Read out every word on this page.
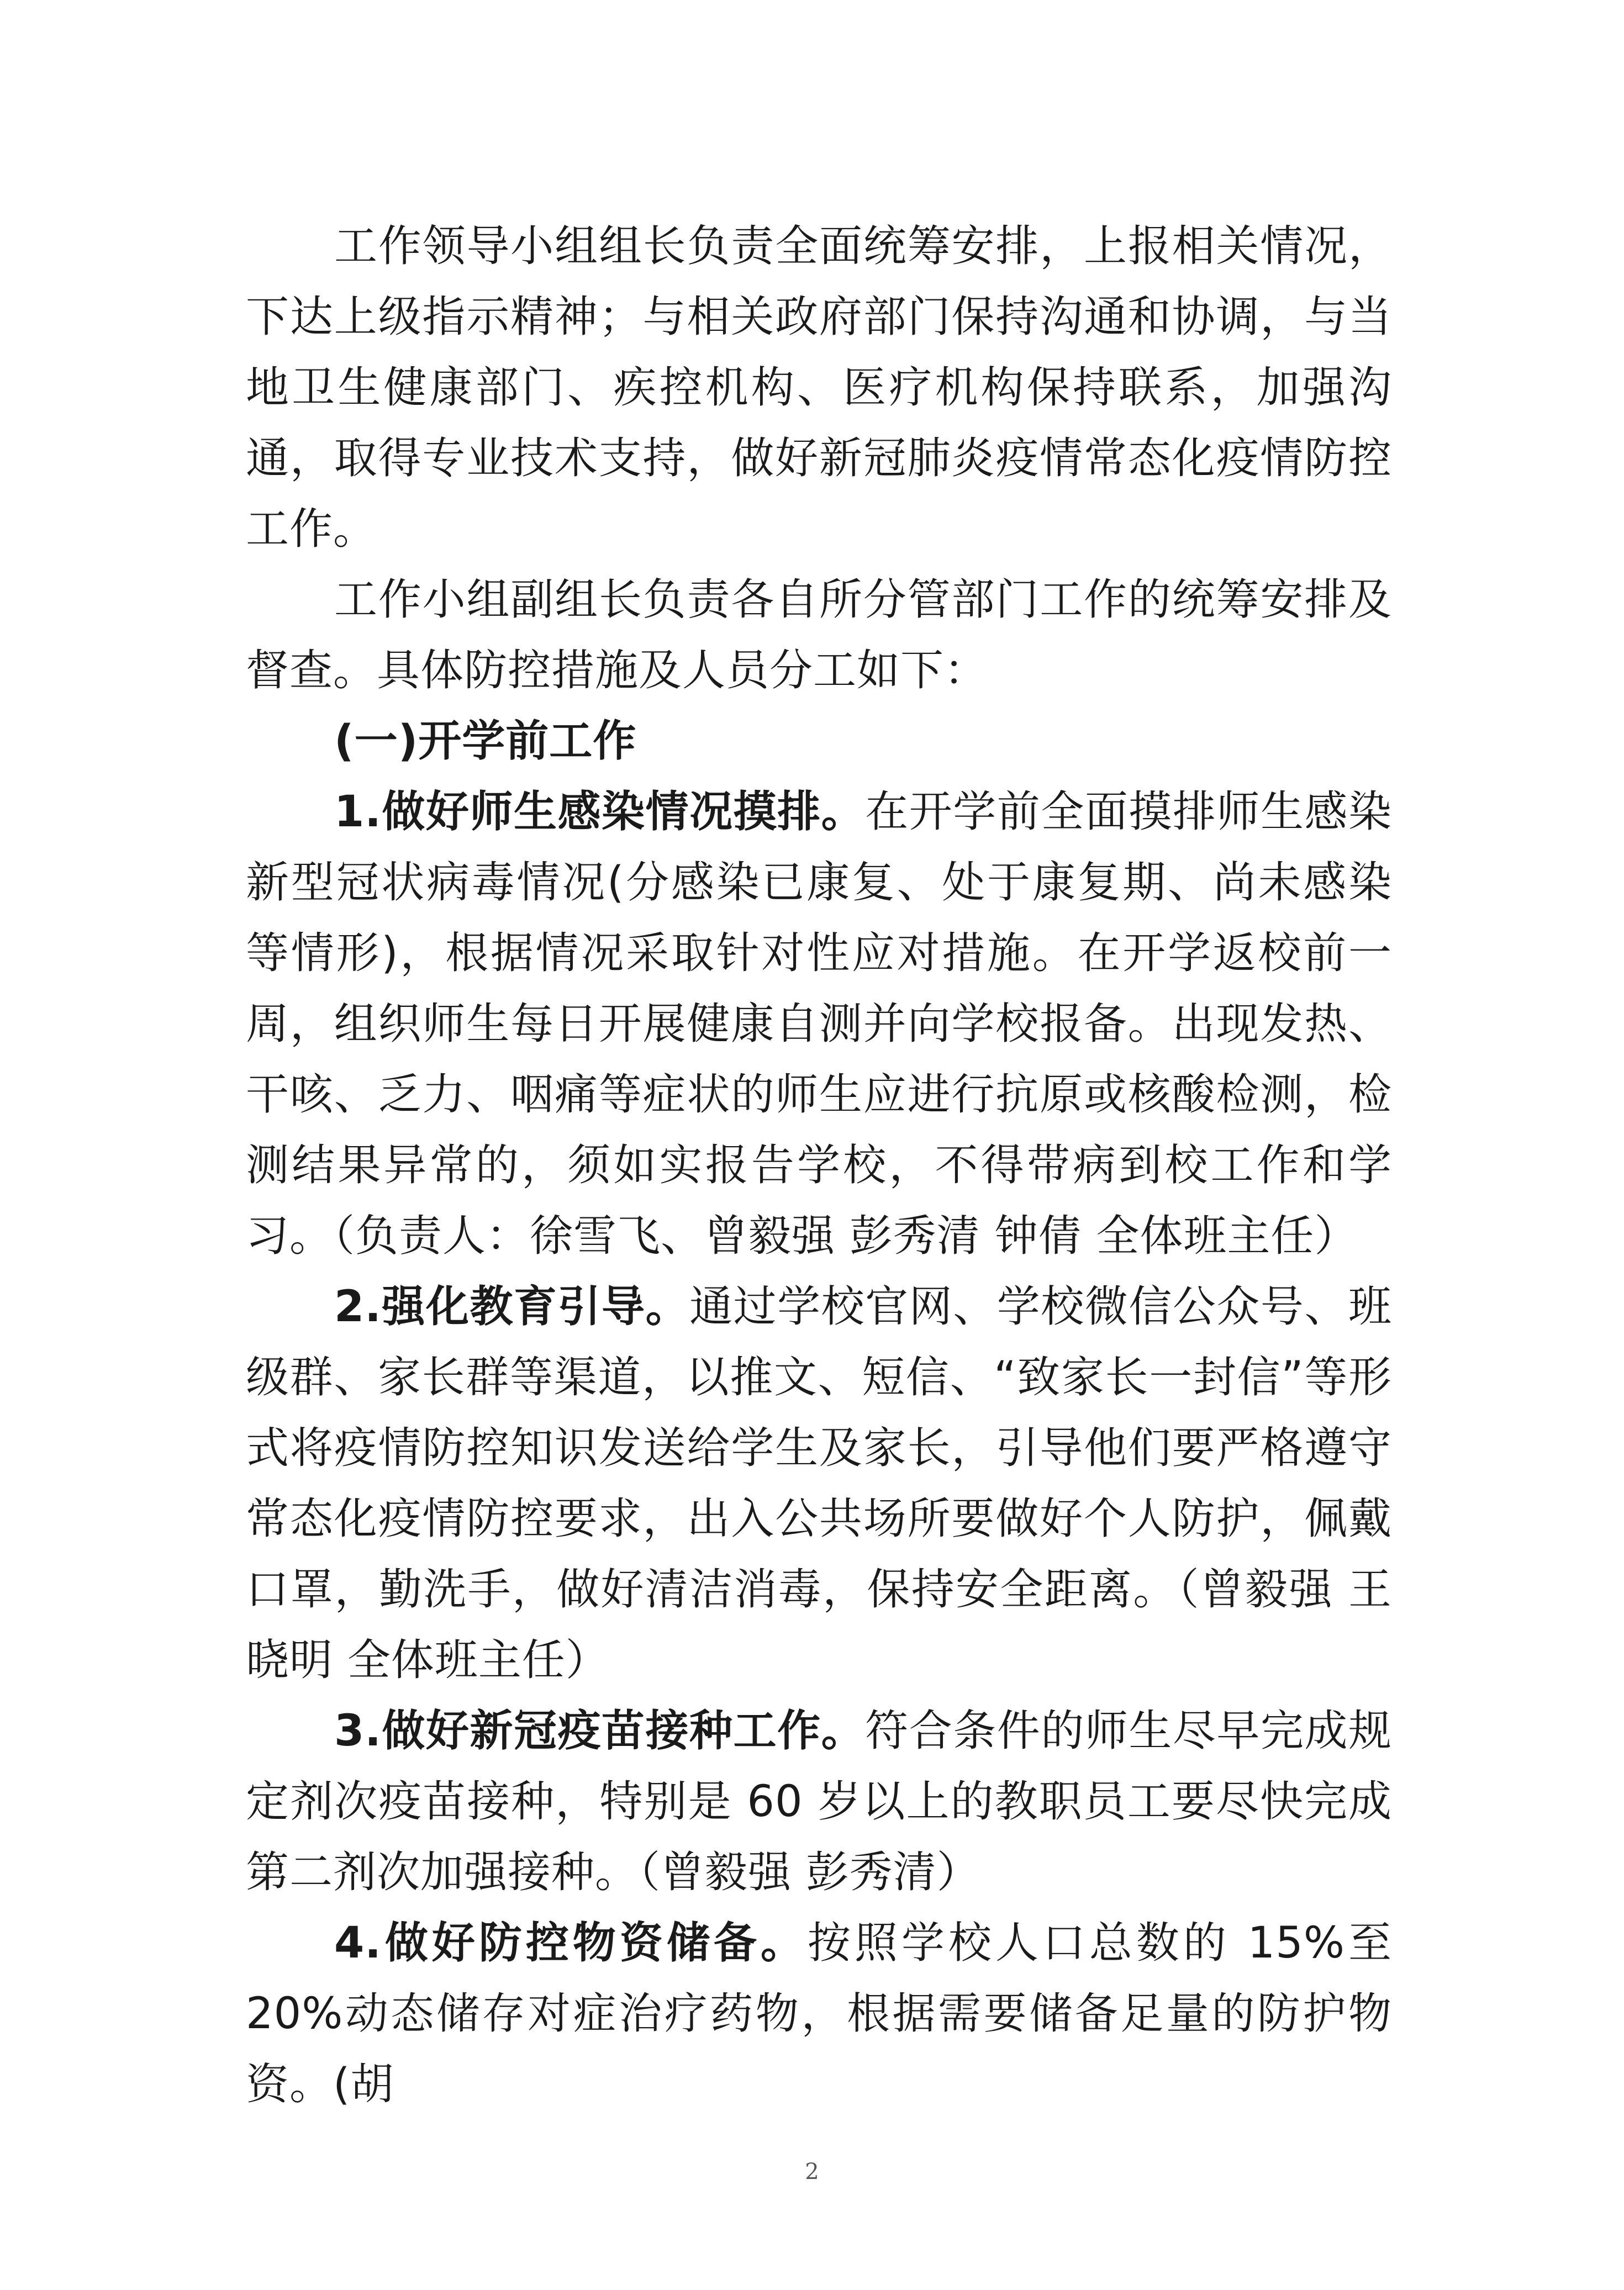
工作领导小组组长负责全面统筹安排，上报相关情况，下达上级指示精神；与相关政府部门保持沟通和协调，与当地卫生健康部门、疾控机构、医疗机构保持联系，加强沟通，取得专业技术支持，做好新冠肺炎疫情常态化疫情防控工作。

工作小组副组长负责各自所分管部门工作的统筹安排及督查。具体防控措施及人员分工如下：

(一)开学前工作

1.做好师生感染情况摸排。在开学前全面摸排师生感染新型冠状病毒情况(分感染已康复、处于康复期、尚未感染等情形)，根据情况采取针对性应对措施。在开学返校前一周，组织师生每日开展健康自测并向学校报备。出现发热、干咳、乏力、咽痛等症状的师生应进行抗原或核酸检测，检测结果异常的，须如实报告学校，不得带病到校工作和学习。（负责人：徐雪飞、曾毅强 彭秀清 钟倩 全体班主任）

2.强化教育引导。通过学校官网、学校微信公众号、班级群、家长群等渠道，以推文、短信、“致家长一封信”等形式将疫情防控知识发送给学生及家长，引导他们要严格遵守常态化疫情防控要求，出入公共场所要做好个人防护，佩戴口罩，勤洗手，做好清洁消毒，保持安全距离。（曾毅强 王晓明 全体班主任）

3.做好新冠疫苗接种工作。符合条件的师生尽早完成规定剂次疫苗接种，特别是 60 岁以上的教职员工要尽快完成第二剂次加强接种。（曾毅强 彭秀清）

4.做好防控物资储备。按照学校人口总数的 15%至 20%动态储存对症治疗药物，根据需要储备足量的防护物资。(胡

2
